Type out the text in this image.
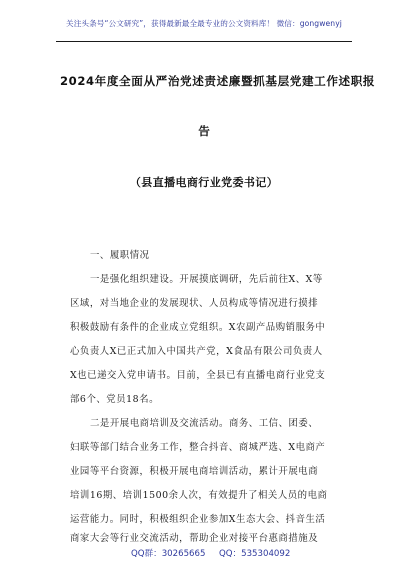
关注头条号“公文研究”，获得最新最全最专业的公文资料库！ 微信：gongwenyj
2024年度全面从严治党述责述廉暨抓基层党建工作述职报
告
（县直播电商行业党委书记）
一、履职情况
一是强化组织建设。开展摸底调研，先后前往X、X等
区域，对当地企业的发展现状、人员构成等情况进行摸排
积极鼓励有条件的企业成立党组织。X农副产品购销服务中
心负责人X已正式加入中国共产党，X食品有限公司负责人
X也已递交入党申请书。目前，全县已有直播电商行业党支
部6个、党员18名。
二是开展电商培训及交流活动。商务、工信、团委、
妇联等部门结合业务工作，整合抖音、商城严选、X电商产
业园等平台资源，积极开展电商培训活动，累计开展电商
培训16期、培训1500余人次，有效提升了相关人员的电商
运营能力。同时，积极组织企业参加X生态大会、抖音生活
商家大会等行业交流活动，帮助企业对接平台惠商措施及
QQ群：30265665 QQ：535304092
